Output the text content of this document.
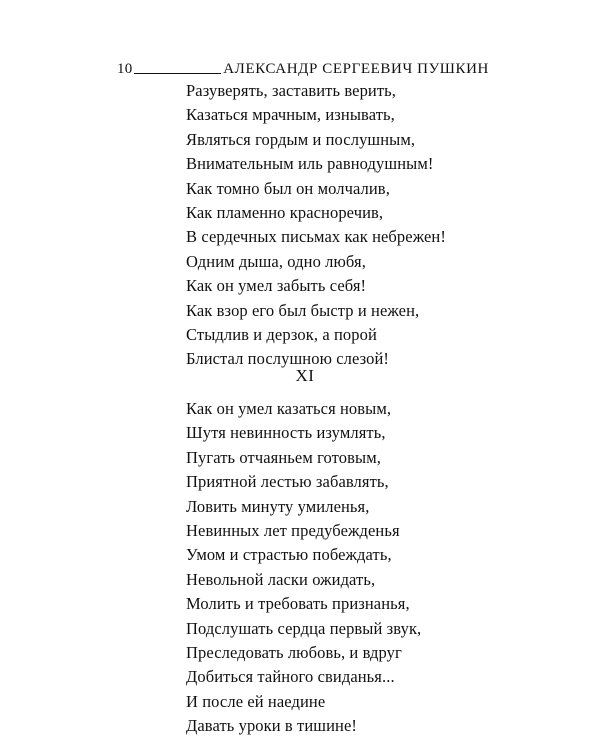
10	АЛЕКСАНДР СЕРГЕЕВИЧ ПУШКИН
Разуверять, заставить верить,
Казаться мрачным, изнывать,
Являться гордым и послушным,
Внимательным иль равнодушным!
Как томно был он молчалив,
Как пламенно красноречив,
В сердечных письмах как небрежен!
Одним дыша, одно любя,
Как он умел забыть себя!
Как взор его был быстр и нежен,
Стыдлив и дерзок, а порой
Блистал послушною слезой!
XI
Как он умел казаться новым,
Шутя невинность изумлять,
Пугать отчаяньем готовым,
Приятной лестью забавлять,
Ловить минуту умиленья,
Невинных лет предубежденья
Умом и страстью побеждать,
Невольной ласки ожидать,
Молить и требовать признанья,
Подслушать сердца первый звук,
Преследовать любовь, и вдруг
Добиться тайного свиданья...
И после ей наедине
Давать уроки в тишине!
